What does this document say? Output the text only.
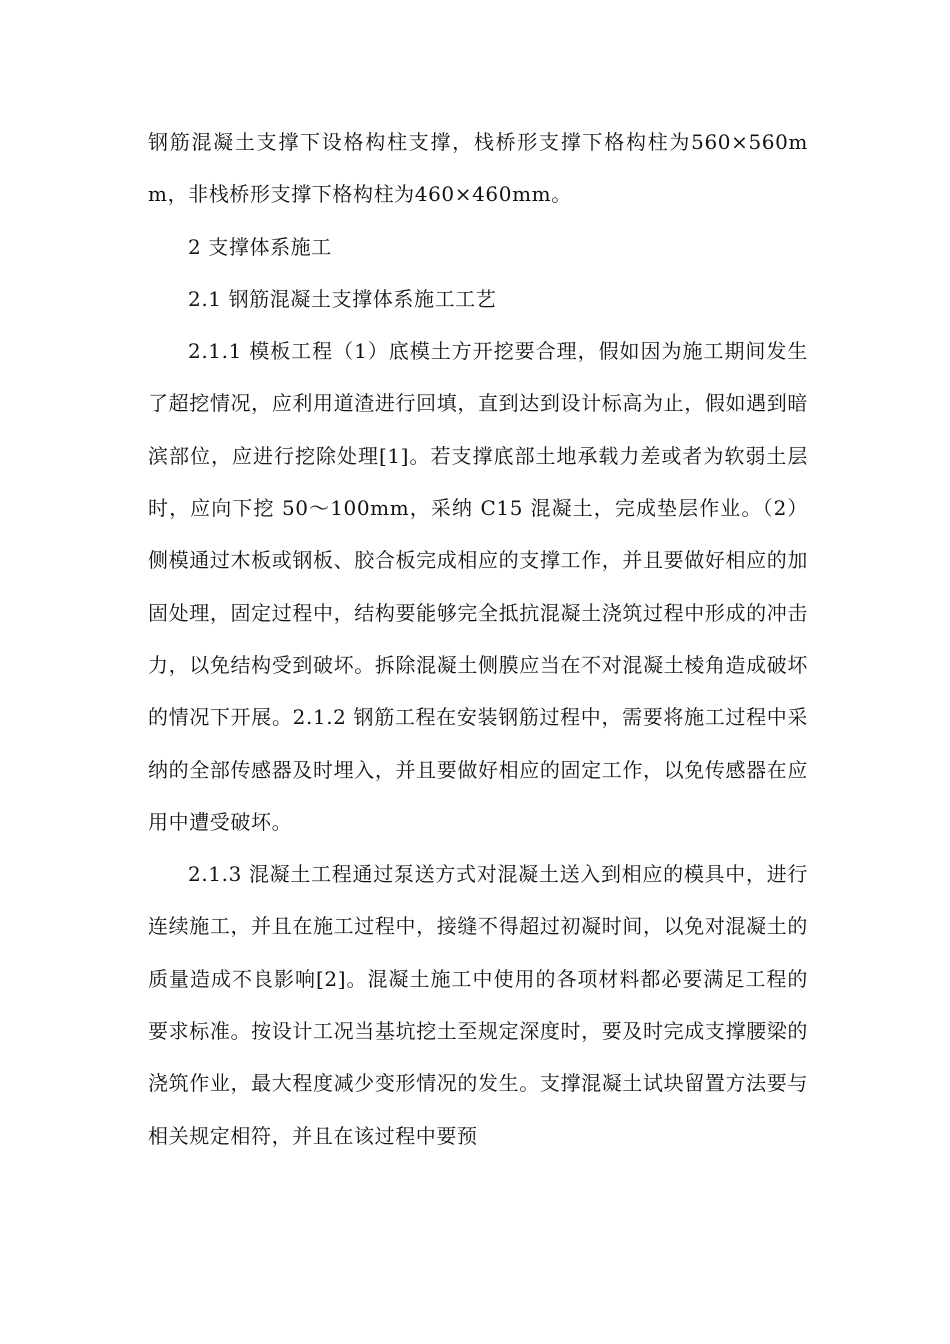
钢筋混凝土支撑下设格构柱支撑，栈桥形支撑下格构柱为560×560mm，非栈桥形支撑下格构柱为460×460mm。

2 支撑体系施工

2.1 钢筋混凝土支撑体系施工工艺

2.1.1 模板工程（1）底模土方开挖要合理，假如因为施工期间发生了超挖情况，应利用道渣进行回填，直到达到设计标高为止，假如遇到暗滨部位，应进行挖除处理[1]。若支撑底部土地承载力差或者为软弱土层时，应向下挖 50～100mm，采纳 C15 混凝土，完成垫层作业。（2）侧模通过木板或钢板、胶合板完成相应的支撑工作，并且要做好相应的加固处理，固定过程中，结构要能够完全抵抗混凝土浇筑过程中形成的冲击力，以免结构受到破坏。拆除混凝土侧膜应当在不对混凝土棱角造成破坏的情况下开展。2.1.2 钢筋工程在安装钢筋过程中，需要将施工过程中采纳的全部传感器及时埋入，并且要做好相应的固定工作，以免传感器在应用中遭受破坏。

2.1.3 混凝土工程通过泵送方式对混凝土送入到相应的模具中，进行连续施工，并且在施工过程中，接缝不得超过初凝时间，以免对混凝土的质量造成不良影响[2]。混凝土施工中使用的各项材料都必要满足工程的要求标准。按设计工况当基坑挖土至规定深度时，要及时完成支撑腰梁的浇筑作业，最大程度减少变形情况的发生。支撑混凝土试块留置方法要与相关规定相符，并且在该过程中要预
